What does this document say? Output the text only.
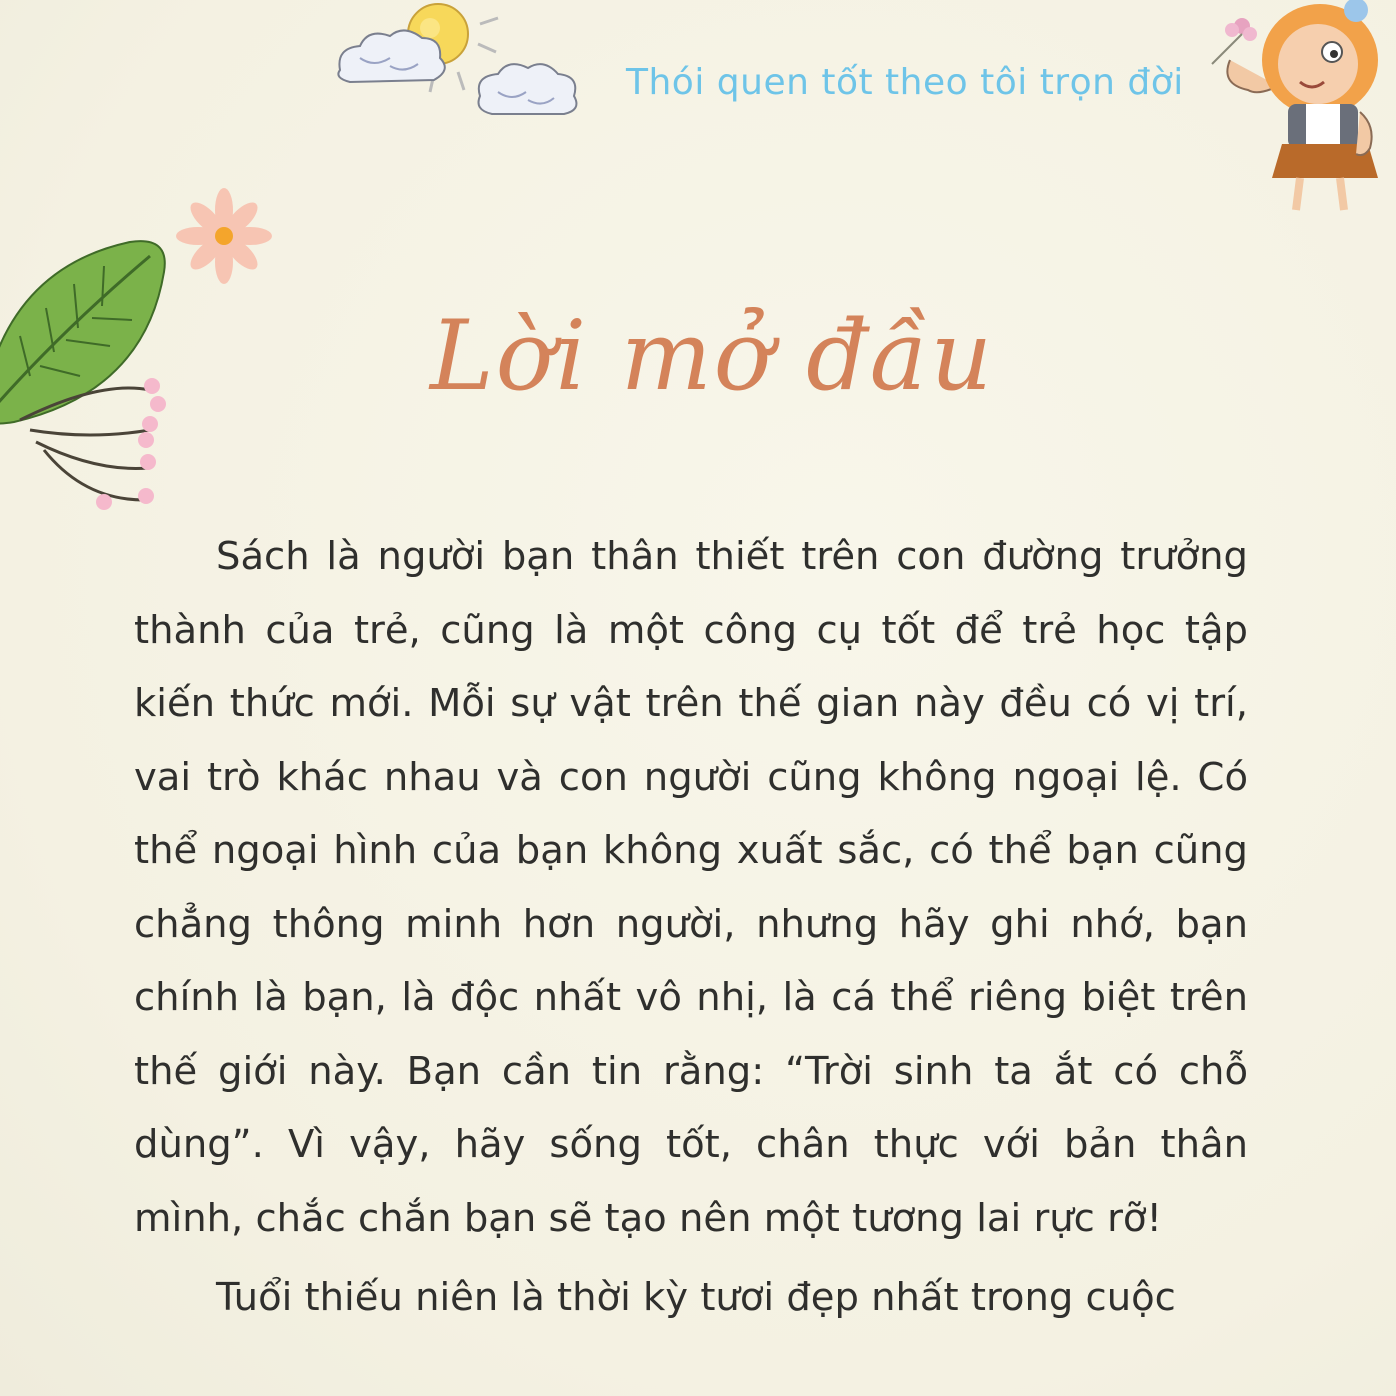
Thói quen tốt theo tôi trọn đời
Lời mở đầu

Sách là người bạn thân thiết trên con đường trưởng thành của trẻ, cũng là một công cụ tốt để trẻ học tập kiến thức mới. Mỗi sự vật trên thế gian này đều có vị trí, vai trò khác nhau và con người cũng không ngoại lệ. Có thể ngoại hình của bạn không xuất sắc, có thể bạn cũng chẳng thông minh hơn người, nhưng hãy ghi nhớ, bạn chính là bạn, là độc nhất vô nhị, là cá thể riêng biệt trên thế giới này. Bạn cần tin rằng: “Trời sinh ta ắt có chỗ dùng”. Vì vậy, hãy sống tốt, chân thực với bản thân mình, chắc chắn bạn sẽ tạo nên một tương lai rực rỡ!

Tuổi thiếu niên là thời kỳ tươi đẹp nhất trong cuộc
